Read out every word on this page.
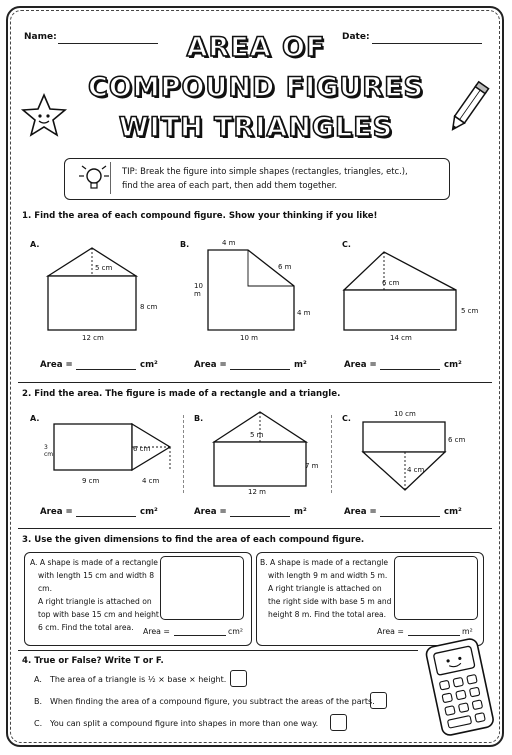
Name:	Date:
AREA OF
COMPOUND FIGURES
WITH TRIANGLES
TIP: Break the figure into simple shapes (rectangles, triangles, etc.),
find the area of each part, then add them together.
1. Find the area of each compound figure. Show your thinking if you like!
A.
5 cm
8 cm
12 cm
B.	4 m
6 m
10 m
4 m
10 m
C.
6 cm
5 cm
14 cm
Area =	cm²	Area =	m²	Area =	cm²
2. Find the area. The figure is made of a rectangle and a triangle.
A.
3 cm
6 cm
9 cm	4 cm
B.
5 m
7 m
12 m
C.	10 cm
6 cm
4 cm
Area =	cm²	Area =	m²	Area =	cm²
3. Use the given dimensions to find the area of each compound figure.
A. A shape is made of a rectangle
with length 15 cm and width 8 cm.
A right triangle is attached on
top with base 15 cm and height
6 cm. Find the total area.	Area =	cm²
B. A shape is made of a rectangle
with length 9 m and width 5 m.
A right triangle is attached on
the right side with base 5 m and
height 8 m. Find the total area.
Area =	m²
4. True or False? Write T or F.
A. The area of a triangle is ½ × base × height.
B. When finding the area of a compound figure, you subtract the areas of the parts.
C. You can split a compound figure into shapes in more than one way.
